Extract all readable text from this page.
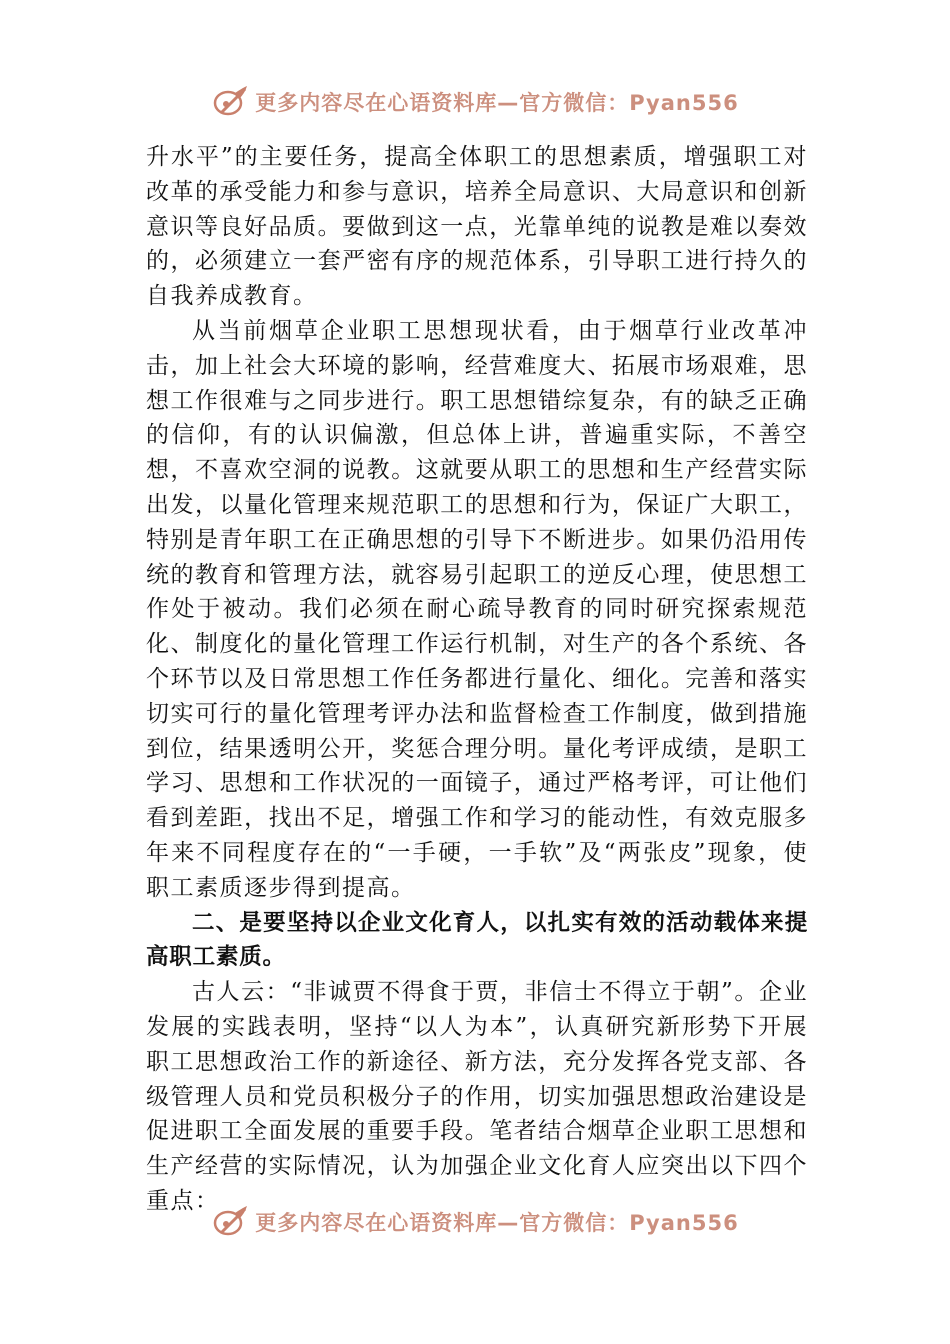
更多内容尽在心语资料库—官方微信：Pyan556

升水平”的主要任务，提高全体职工的思想素质，增强职工对改革的承受能力和参与意识，培养全局意识、大局意识和创新意识等良好品质。要做到这一点，光靠单纯的说教是难以奏效的，必须建立一套严密有序的规范体系，引导职工进行持久的自我养成教育。

从当前烟草企业职工思想现状看，由于烟草行业改革冲击，加上社会大环境的影响，经营难度大、拓展市场艰难，思想工作很难与之同步进行。职工思想错综复杂，有的缺乏正确的信仰，有的认识偏激，但总体上讲，普遍重实际，不善空想，不喜欢空洞的说教。这就要从职工的思想和生产经营实际出发，以量化管理来规范职工的思想和行为，保证广大职工，特别是青年职工在正确思想的引导下不断进步。如果仍沿用传统的教育和管理方法，就容易引起职工的逆反心理，使思想工作处于被动。我们必须在耐心疏导教育的同时研究探索规范化、制度化的量化管理工作运行机制，对生产的各个系统、各个环节以及日常思想工作任务都进行量化、细化。完善和落实切实可行的量化管理考评办法和监督检查工作制度，做到措施到位，结果透明公开，奖惩合理分明。量化考评成绩，是职工学习、思想和工作状况的一面镜子，通过严格考评，可让他们看到差距，找出不足，增强工作和学习的能动性，有效克服多年来不同程度存在的“一手硬，一手软”及“两张皮”现象，使职工素质逐步得到提高。

二、是要坚持以企业文化育人，以扎实有效的活动载体来提高职工素质。

古人云：“非诚贾不得食于贾，非信士不得立于朝”。企业发展的实践表明，坚持“以人为本”，认真研究新形势下开展职工思想政治工作的新途径、新方法，充分发挥各党支部、各级管理人员和党员积极分子的作用，切实加强思想政治建设是促进职工全面发展的重要手段。笔者结合烟草企业职工思想和生产经营的实际情况，认为加强企业文化育人应突出以下四个重点：

更多内容尽在心语资料库—官方微信：Pyan556
